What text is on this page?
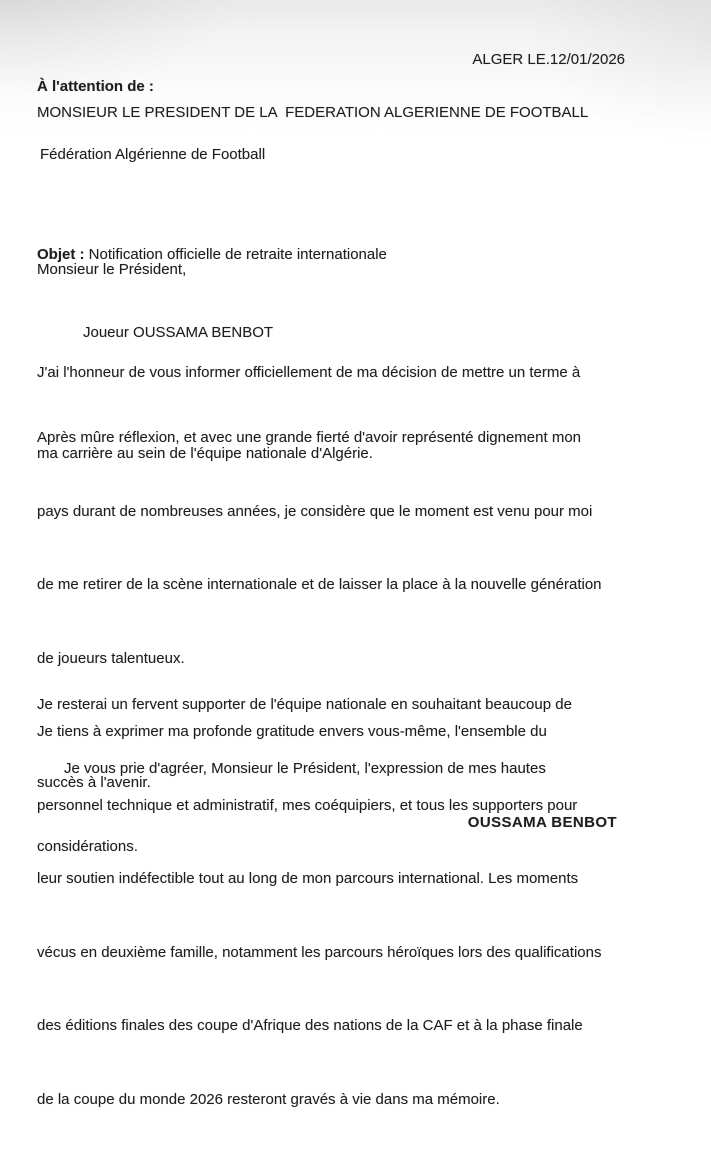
ALGER LE.12/01/2026
À l'attention de :
MONSIEUR LE PRESIDENT DE LA  FEDERATION ALGERIENNE DE FOOTBALL
Fédération Algérienne de Football

Objet : Notification officielle de retraite internationale

Joueur OUSSAMA BENBOT

Monsieur le Président,

J'ai l'honneur de vous informer officiellement de ma décision de mettre un terme à

ma carrière au sein de l'équipe nationale d'Algérie.

Après mûre réflexion, et avec une grande fierté d'avoir représenté dignement mon

pays durant de nombreuses années, je considère que le moment est venu pour moi

de me retirer de la scène internationale et de laisser la place à la nouvelle génération

de joueurs talentueux.

Je tiens à exprimer ma profonde gratitude envers vous-même, l'ensemble du

personnel technique et administratif, mes coéquipiers, et tous les supporters pour

leur soutien indéfectible tout au long de mon parcours international. Les moments

vécus en deuxième famille, notamment les parcours héroïques lors des qualifications

des éditions finales des coupe d'Afrique des nations de la CAF et à la phase finale

de la coupe du monde 2026 resteront gravés à vie dans ma mémoire.

Je resterai un fervent supporter de l'équipe nationale en souhaitant beaucoup de

succès à l'avenir.

Je vous prie d'agréer, Monsieur le Président, l'expression de mes hautes

considérations.

OUSSAMA BENBOT
